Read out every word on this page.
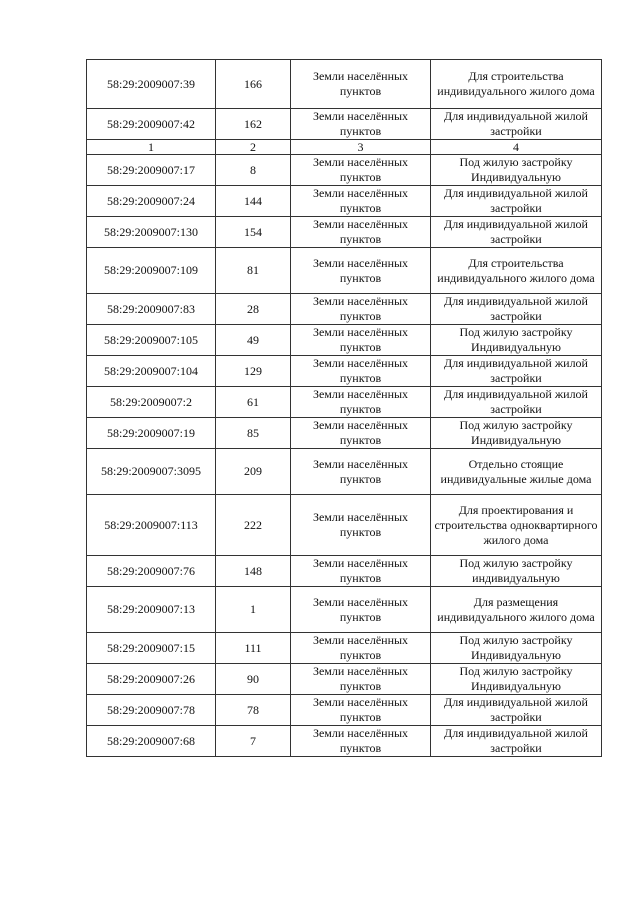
58:29:2009007:39	166	Земли населённых пунктов	Для строительства индивидуального жилого дома
58:29:2009007:42	162	Земли населённых пунктов	Для индивидуальной жилой застройки
1	2	3	4
58:29:2009007:17	8	Земли населённых пунктов	Под жилую застройку Индивидуальную
58:29:2009007:24	144	Земли населённых пунктов	Для индивидуальной жилой застройки
58:29:2009007:130	154	Земли населённых пунктов	Для индивидуальной жилой застройки
58:29:2009007:109	81	Земли населённых пунктов	Для строительства индивидуального жилого дома
58:29:2009007:83	28	Земли населённых пунктов	Для индивидуальной жилой застройки
58:29:2009007:105	49	Земли населённых пунктов	Под жилую застройку Индивидуальную
58:29:2009007:104	129	Земли населённых пунктов	Для индивидуальной жилой застройки
58:29:2009007:2	61	Земли населённых пунктов	Для индивидуальной жилой застройки
58:29:2009007:19	85	Земли населённых пунктов	Под жилую застройку Индивидуальную
58:29:2009007:3095	209	Земли населённых пунктов	Отдельно стоящие индивидуальные жилые дома
58:29:2009007:113	222	Земли населённых пунктов	Для проектирования и строительства одноквартирного жилого дома
58:29:2009007:76	148	Земли населённых пунктов	Под жилую застройку индивидуальную
58:29:2009007:13	1	Земли населённых пунктов	Для размещения индивидуального жилого дома
58:29:2009007:15	111	Земли населённых пунктов	Под жилую застройку Индивидуальную
58:29:2009007:26	90	Земли населённых пунктов	Под жилую застройку Индивидуальную
58:29:2009007:78	78	Земли населённых пунктов	Для индивидуальной жилой застройки
58:29:2009007:68	7	Земли населённых пунктов	Для индивидуальной жилой застройки
